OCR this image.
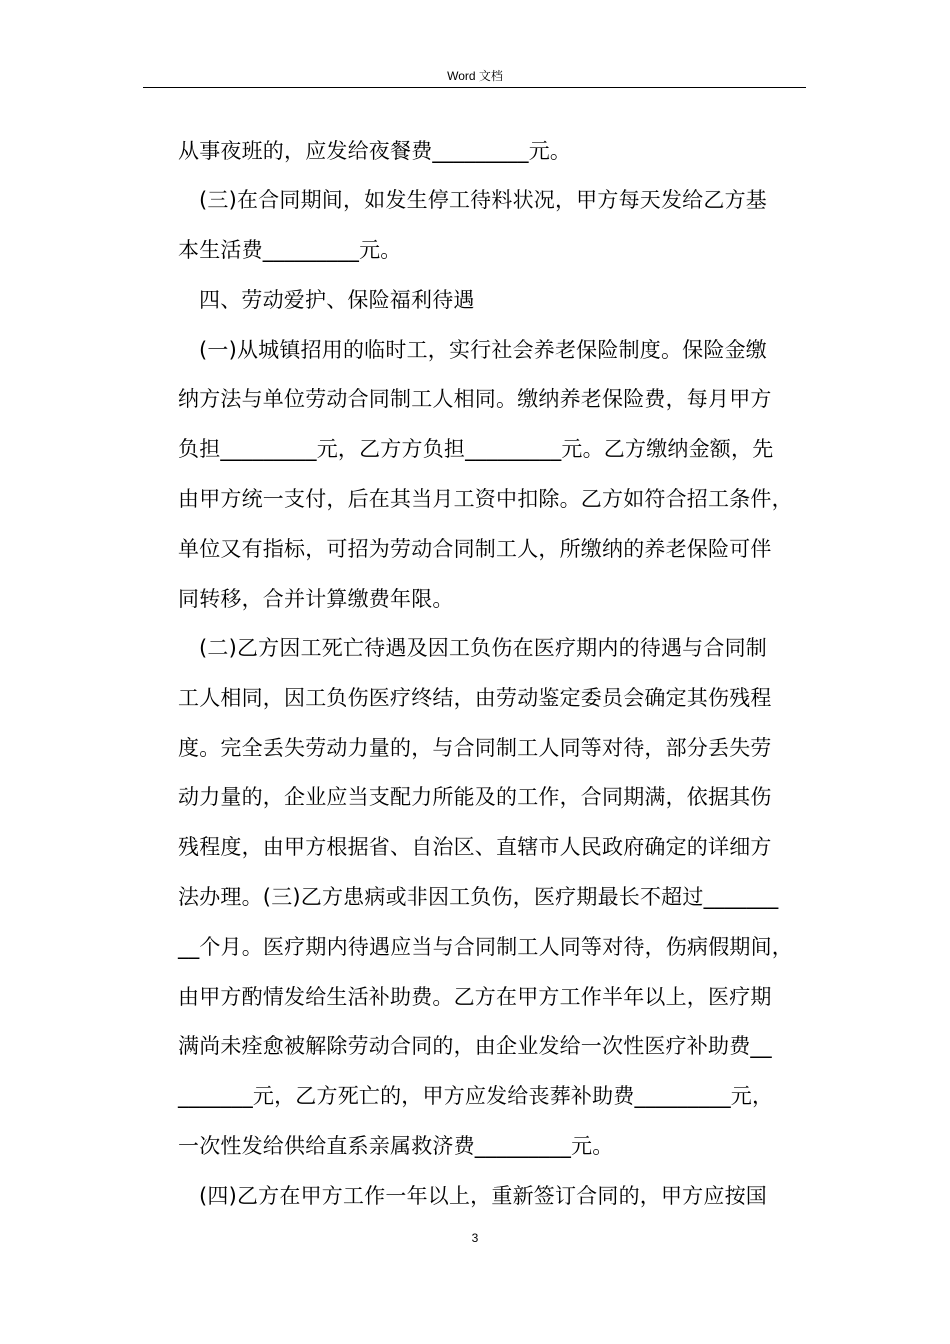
Word 文档
从事夜班的，应发给夜餐费_________元。
(三)在合同期间，如发生停工待料状况，甲方每天发给乙方基
本生活费_________元。
四、劳动爱护、保险福利待遇
(一)从城镇招用的临时工，实行社会养老保险制度。保险金缴
纳方法与单位劳动合同制工人相同。缴纳养老保险费，每月甲方
负担_________元，乙方方负担_________元。乙方缴纳金额，先
由甲方统一支付，后在其当月工资中扣除。乙方如符合招工条件，
单位又有指标，可招为劳动合同制工人，所缴纳的养老保险可伴
同转移，合并计算缴费年限。
(二)乙方因工死亡待遇及因工负伤在医疗期内的待遇与合同制
工人相同，因工负伤医疗终结，由劳动鉴定委员会确定其伤残程
度。完全丢失劳动力量的，与合同制工人同等对待，部分丢失劳
动力量的，企业应当支配力所能及的工作，合同期满，依据其伤
残程度，由甲方根据省、自治区、直辖市人民政府确定的详细方
法办理。(三)乙方患病或非因工负伤，医疗期最长不超过_______
__个月。医疗期内待遇应当与合同制工人同等对待，伤病假期间，
由甲方酌情发给生活补助费。乙方在甲方工作半年以上，医疗期
满尚未痊愈被解除劳动合同的，由企业发给一次性医疗补助费__
_______元，乙方死亡的，甲方应发给丧葬补助费_________元，
一次性发给供给直系亲属救济费_________元。
(四)乙方在甲方工作一年以上，重新签订合同的，甲方应按国
3
